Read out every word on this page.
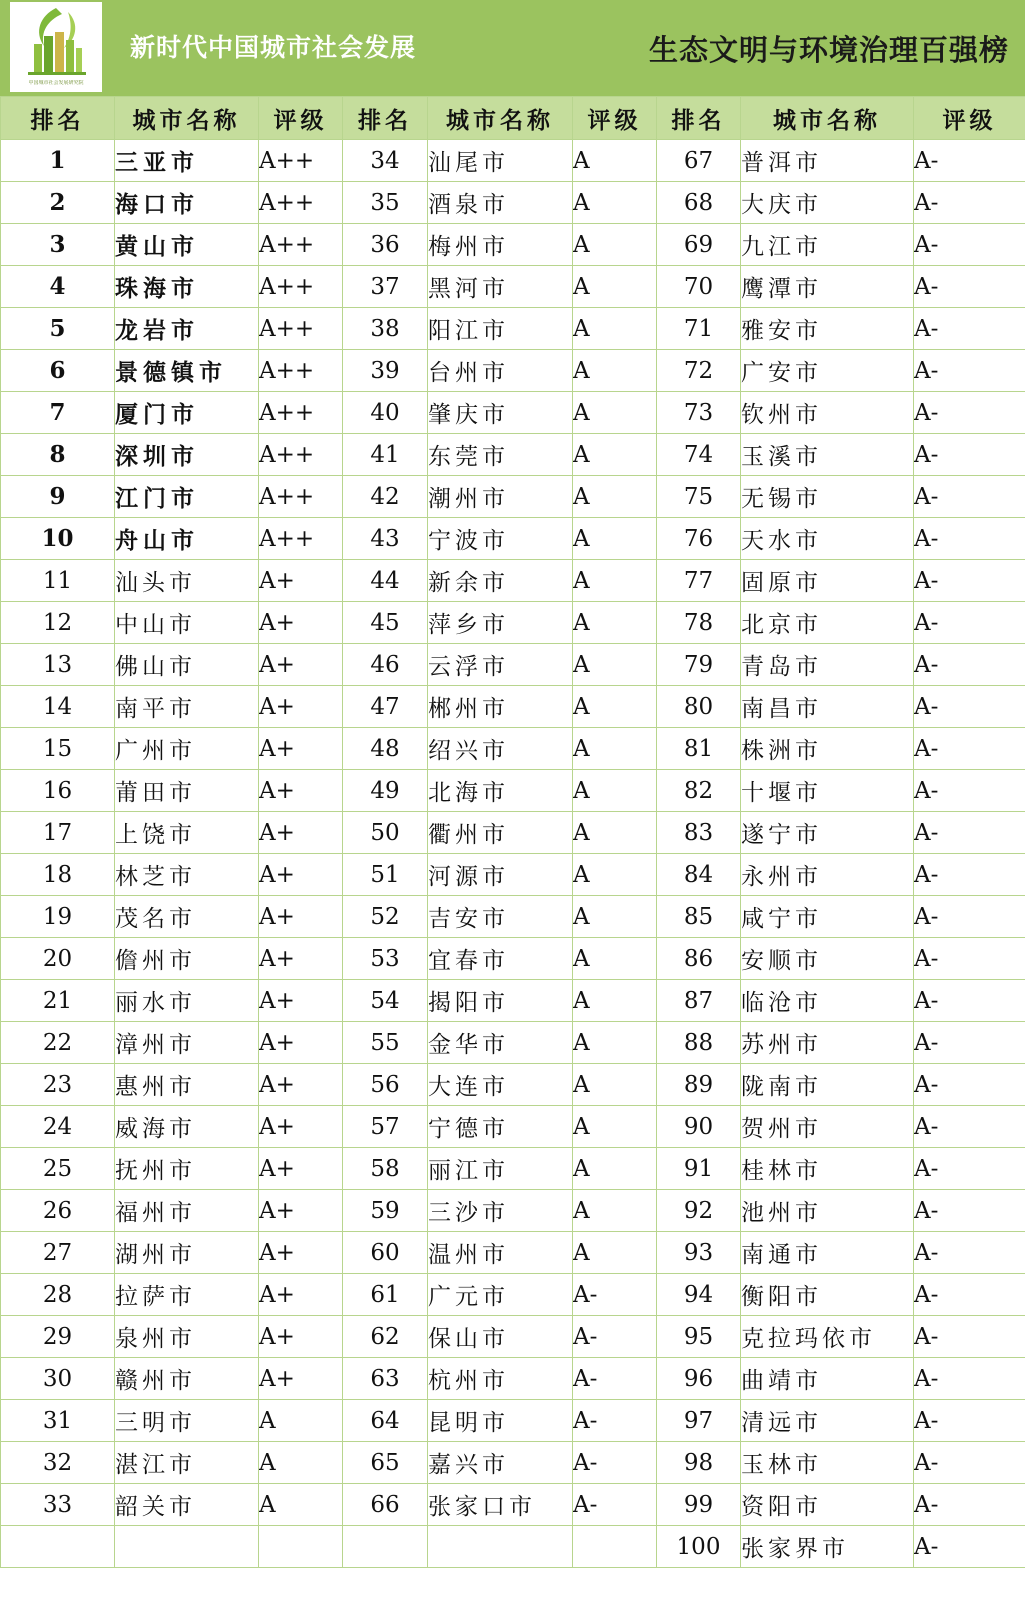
中国城市社会发展研究院
新时代中国城市社会发展	生态文明与环境治理百强榜
排名	城市名称	评级	排名	城市名称	评级	排名	城市名称	评级
1	三亚市	A++	34	汕尾市	A	67	普洱市	A-
2	海口市	A++	35	酒泉市	A	68	大庆市	A-
3	黄山市	A++	36	梅州市	A	69	九江市	A-
4	珠海市	A++	37	黑河市	A	70	鹰潭市	A-
5	龙岩市	A++	38	阳江市	A	71	雅安市	A-
6	景德镇市	A++	39	台州市	A	72	广安市	A-
7	厦门市	A++	40	肇庆市	A	73	钦州市	A-
8	深圳市	A++	41	东莞市	A	74	玉溪市	A-
9	江门市	A++	42	潮州市	A	75	无锡市	A-
10	舟山市	A++	43	宁波市	A	76	天水市	A-
11	汕头市	A+	44	新余市	A	77	固原市	A-
12	中山市	A+	45	萍乡市	A	78	北京市	A-
13	佛山市	A+	46	云浮市	A	79	青岛市	A-
14	南平市	A+	47	郴州市	A	80	南昌市	A-
15	广州市	A+	48	绍兴市	A	81	株洲市	A-
16	莆田市	A+	49	北海市	A	82	十堰市	A-
17	上饶市	A+	50	衢州市	A	83	遂宁市	A-
18	林芝市	A+	51	河源市	A	84	永州市	A-
19	茂名市	A+	52	吉安市	A	85	咸宁市	A-
20	儋州市	A+	53	宜春市	A	86	安顺市	A-
21	丽水市	A+	54	揭阳市	A	87	临沧市	A-
22	漳州市	A+	55	金华市	A	88	苏州市	A-
23	惠州市	A+	56	大连市	A	89	陇南市	A-
24	威海市	A+	57	宁德市	A	90	贺州市	A-
25	抚州市	A+	58	丽江市	A	91	桂林市	A-
26	福州市	A+	59	三沙市	A	92	池州市	A-
27	湖州市	A+	60	温州市	A	93	南通市	A-
28	拉萨市	A+	61	广元市	A-	94	衡阳市	A-
29	泉州市	A+	62	保山市	A-	95	克拉玛依市	A-
30	赣州市	A+	63	杭州市	A-	96	曲靖市	A-
31	三明市	A	64	昆明市	A-	97	清远市	A-
32	湛江市	A	65	嘉兴市	A-	98	玉林市	A-
33	韶关市	A	66	张家口市	A-	99	资阳市	A-
						100	张家界市	A-
